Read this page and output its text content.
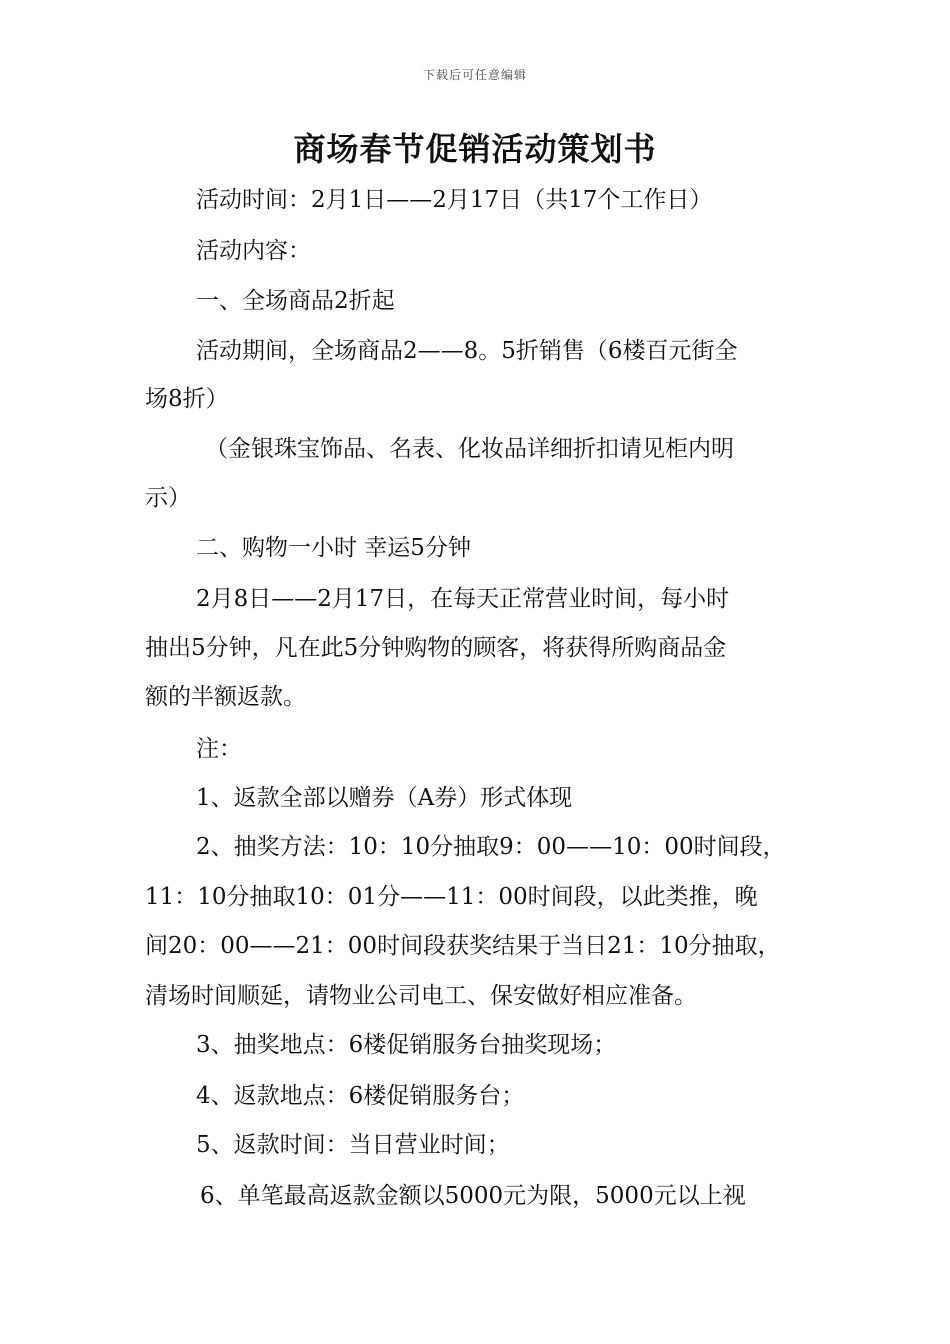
下载后可任意编辑
商场春节促销活动策划书
活动时间：2月1日——2月17日（共17个工作日）
活动内容：
一、全场商品2折起
活动期间，全场商品2——8。5折销售（6楼百元街全
场8折）
（金银珠宝饰品、名表、化妆品详细折扣请见柜内明
示）
二、购物一小时 幸运5分钟
2月8日——2月17日，在每天正常营业时间，每小时
抽出5分钟，凡在此5分钟购物的顾客，将获得所购商品金
额的半额返款。
注：
1、返款全部以赠券（A券）形式体现
2、抽奖方法：10：10分抽取9：00——10：00时间段，
11：10分抽取10：01分——11：00时间段，以此类推，晚
间20：00——21：00时间段获奖结果于当日21：10分抽取，
清场时间顺延，请物业公司电工、保安做好相应准备。
3、抽奖地点：6楼促销服务台抽奖现场；
4、返款地点：6楼促销服务台；
5、返款时间：当日营业时间；
6、单笔最高返款金额以5000元为限，5000元以上视
